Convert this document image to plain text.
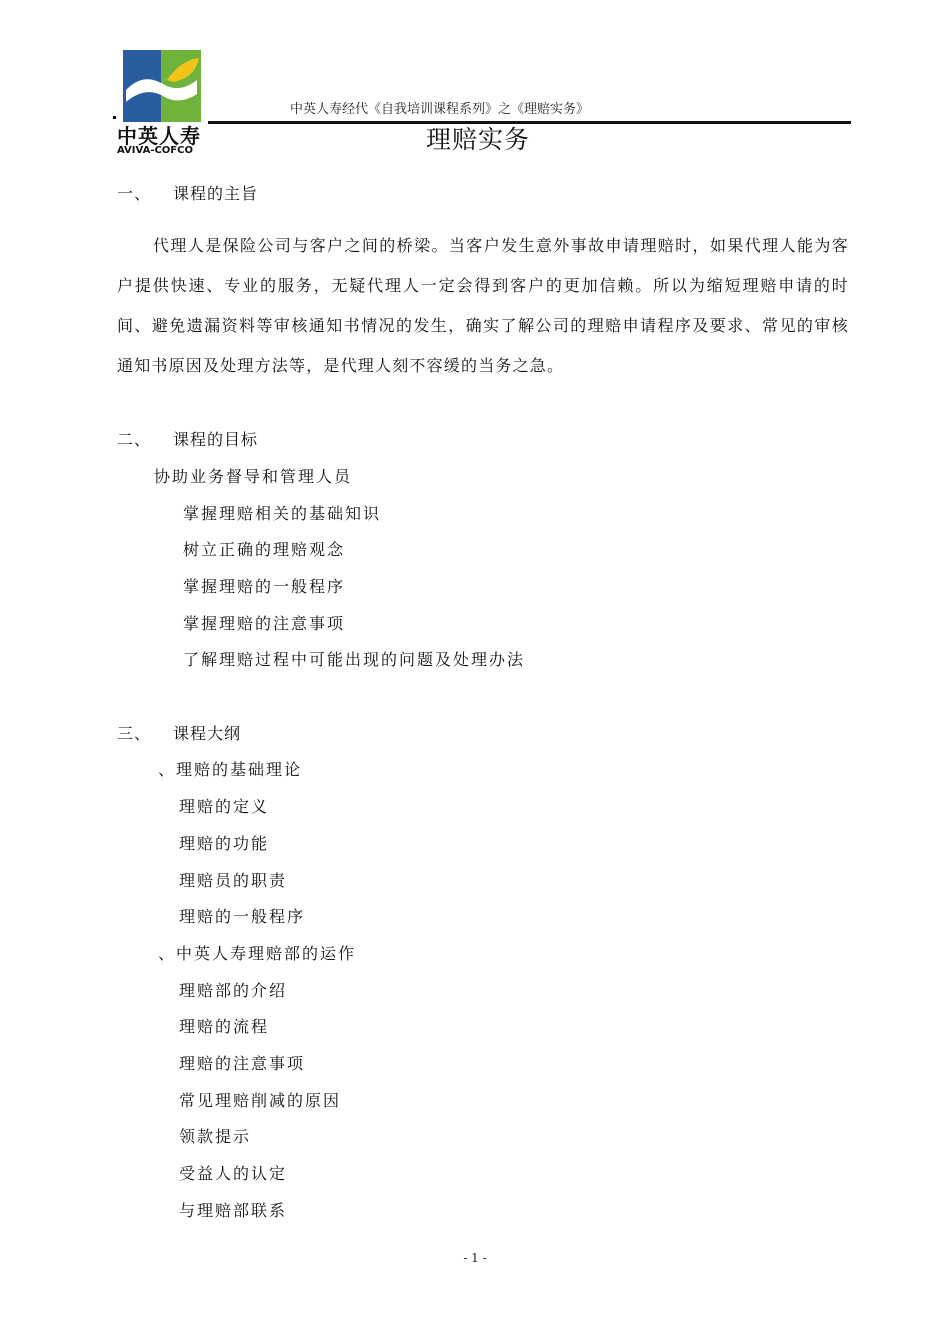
中英人寿
AVIVA-COFCO
中英人寿经代《自我培训课程系列》之《理赔实务》
理赔实务
一、 课程的主旨

代理人是保险公司与客户之间的桥梁。当客户发生意外事故申请理赔时，如果代理人能为客户提供快速、专业的服务，无疑代理人一定会得到客户的更加信赖。所以为缩短理赔申请的时间、避免遗漏资料等审核通知书情况的发生，确实了解公司的理赔申请程序及要求、常见的审核通知书原因及处理方法等，是代理人刻不容缓的当务之急。

二、 课程的目标
协助业务督导和管理人员
掌握理赔相关的基础知识
树立正确的理赔观念
掌握理赔的一般程序
掌握理赔的注意事项
了解理赔过程中可能出现的问题及处理办法
三、 课程大纲
、理赔的基础理论
理赔的定义
理赔的功能
理赔员的职责
理赔的一般程序
、中英人寿理赔部的运作
理赔部的介绍
理赔的流程
理赔的注意事项
常见理赔削减的原因
领款提示
受益人的认定
与理赔部联系
- 1 -
